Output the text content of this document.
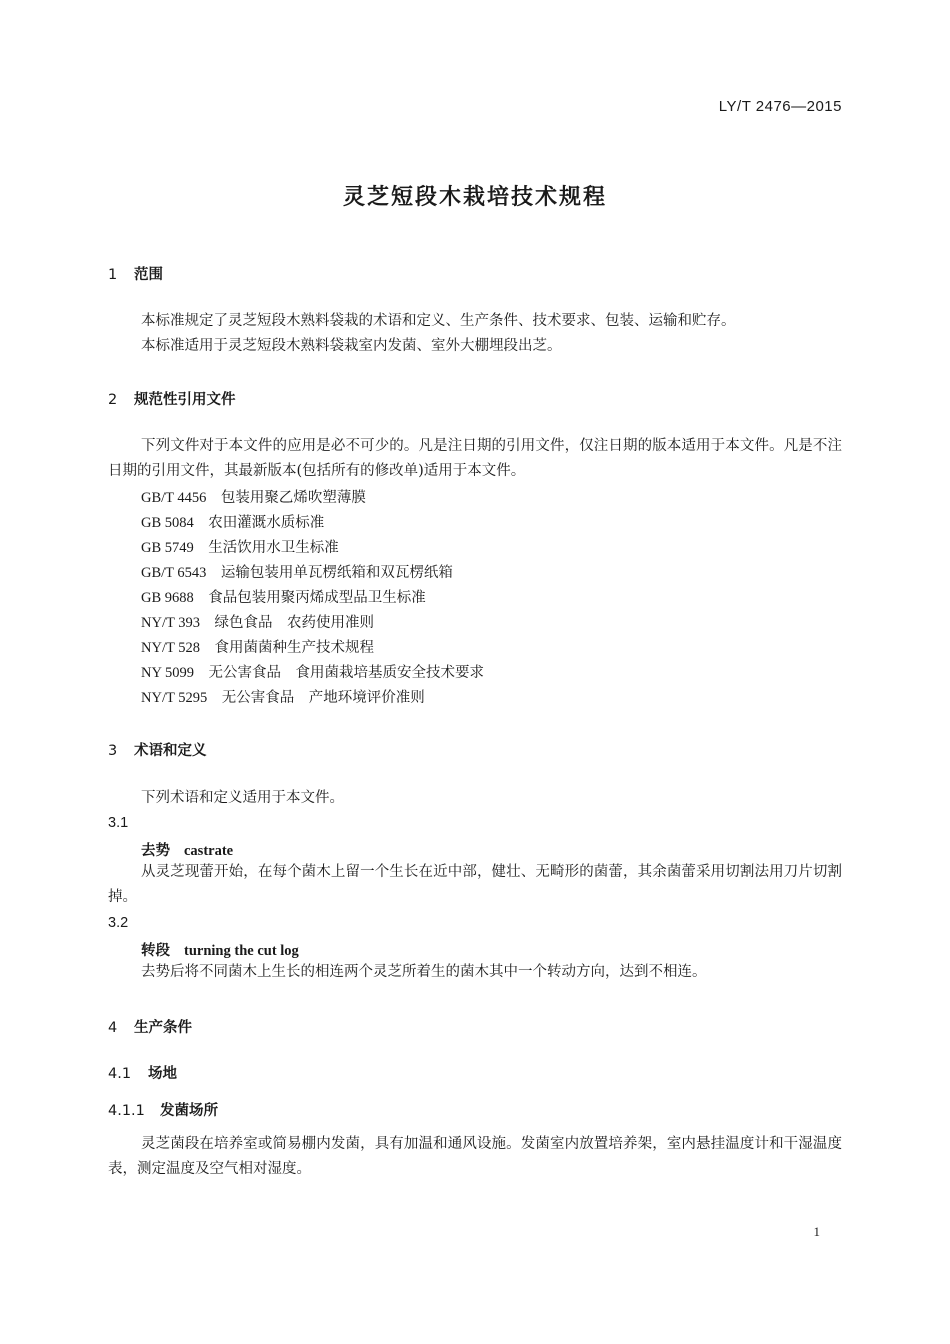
LY/T 2476—2015
灵芝短段木栽培技术规程
1 范围
本标准规定了灵芝短段木熟料袋栽的术语和定义、生产条件、技术要求、包装、运输和贮存。
本标准适用于灵芝短段木熟料袋栽室内发菌、室外大棚埋段出芝。
2 规范性引用文件
下列文件对于本文件的应用是必不可少的。凡是注日期的引用文件，仅注日期的版本适用于本文件。凡是不注日期的引用文件，其最新版本(包括所有的修改单)适用于本文件。
GB/T 4456　 包装用聚乙烯吹塑薄膜
GB 5084　 农田灌溉水质标准
GB 5749　 生活饮用水卫生标准
GB/T 6543　 运输包装用单瓦楞纸箱和双瓦楞纸箱
GB 9688　 食品包装用聚丙烯成型品卫生标准
NY/T 393　 绿色食品　农药使用准则
NY/T 528　 食用菌菌种生产技术规程
NY 5099　 无公害食品　食用菌栽培基质安全技术要求
NY/T 5295　 无公害食品　产地环境评价准则
3 术语和定义
下列术语和定义适用于本文件。
3.1
去势 castrate
从灵芝现蕾开始，在每个菌木上留一个生长在近中部，健壮、无畸形的菌蕾，其余菌蕾采用切割法用刀片切割掉。
3.2
转段 turning the cut log
去势后将不同菌木上生长的相连两个灵芝所着生的菌木其中一个转动方向，达到不相连。
4 生产条件
4.1 场地
4.1.1 发菌场所
灵芝菌段在培养室或简易棚内发菌，具有加温和通风设施。发菌室内放置培养架，室内悬挂温度计和干湿温度表，测定温度及空气相对湿度。
1
